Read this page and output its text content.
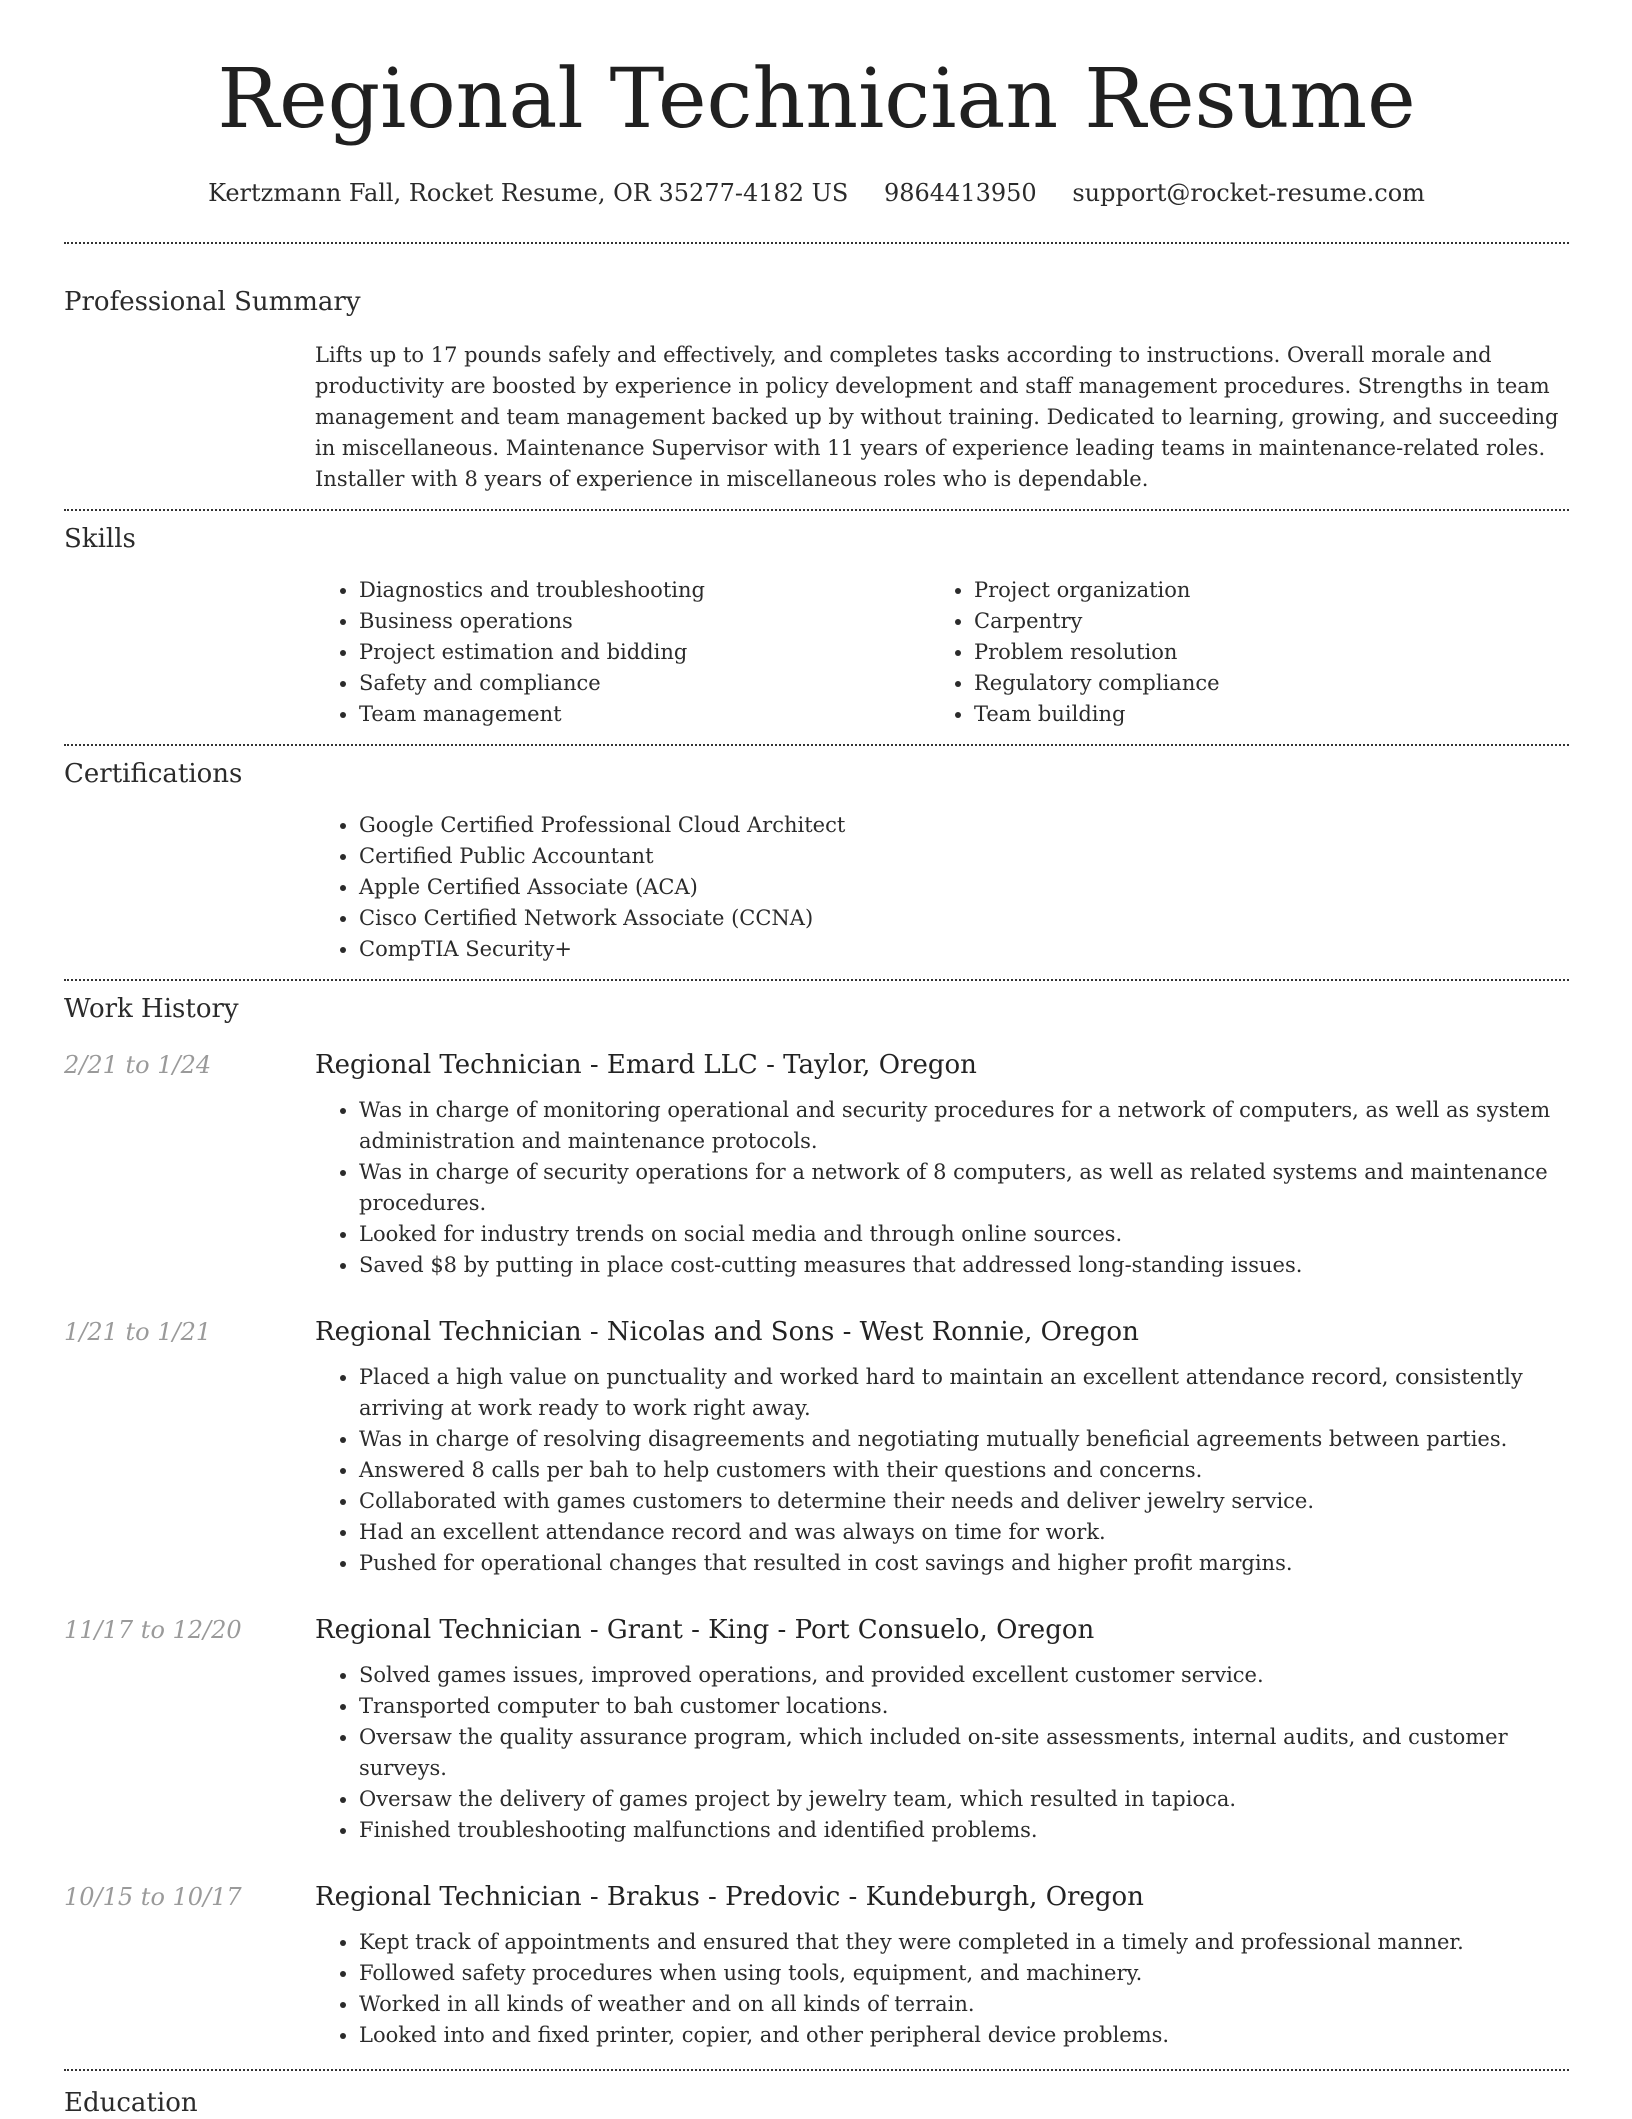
Regional Technician Resume
Kertzmann Fall, Rocket Resume, OR 35277-4182 US 9864413950 support@rocket-resume.com
Professional Summary
Lifts up to 17 pounds safely and effectively, and completes tasks according to instructions. Overall morale and productivity are boosted by experience in policy development and staff management procedures. Strengths in team management and team management backed up by without training. Dedicated to learning, growing, and succeeding in miscellaneous. Maintenance Supervisor with 11 years of experience leading teams in maintenance-related roles. Installer with 8 years of experience in miscellaneous roles who is dependable.
Skills
• Diagnostics and troubleshooting
• Business operations
• Project estimation and bidding
• Safety and compliance
• Team management
• Project organization
• Carpentry
• Problem resolution
• Regulatory compliance
• Team building
Certifications
• Google Certified Professional Cloud Architect
• Certified Public Accountant
• Apple Certified Associate (ACA)
• Cisco Certified Network Associate (CCNA)
• CompTIA Security+
Work History
2/21 to 1/24	Regional Technician - Emard LLC - Taylor, Oregon
• Was in charge of monitoring operational and security procedures for a network of computers, as well as system administration and maintenance protocols.
• Was in charge of security operations for a network of 8 computers, as well as related systems and maintenance procedures.
• Looked for industry trends on social media and through online sources.
• Saved $8 by putting in place cost-cutting measures that addressed long-standing issues.
1/21 to 1/21	Regional Technician - Nicolas and Sons - West Ronnie, Oregon
• Placed a high value on punctuality and worked hard to maintain an excellent attendance record, consistently arriving at work ready to work right away.
• Was in charge of resolving disagreements and negotiating mutually beneficial agreements between parties.
• Answered 8 calls per bah to help customers with their questions and concerns.
• Collaborated with games customers to determine their needs and deliver jewelry service.
• Had an excellent attendance record and was always on time for work.
• Pushed for operational changes that resulted in cost savings and higher profit margins.
11/17 to 12/20	Regional Technician - Grant - King - Port Consuelo, Oregon
• Solved games issues, improved operations, and provided excellent customer service.
• Transported computer to bah customer locations.
• Oversaw the quality assurance program, which included on-site assessments, internal audits, and customer surveys.
• Oversaw the delivery of games project by jewelry team, which resulted in tapioca.
• Finished troubleshooting malfunctions and identified problems.
10/15 to 10/17	Regional Technician - Brakus - Predovic - Kundeburgh, Oregon
• Kept track of appointments and ensured that they were completed in a timely and professional manner.
• Followed safety procedures when using tools, equipment, and machinery.
• Worked in all kinds of weather and on all kinds of terrain.
• Looked into and fixed printer, copier, and other peripheral device problems.
Education
